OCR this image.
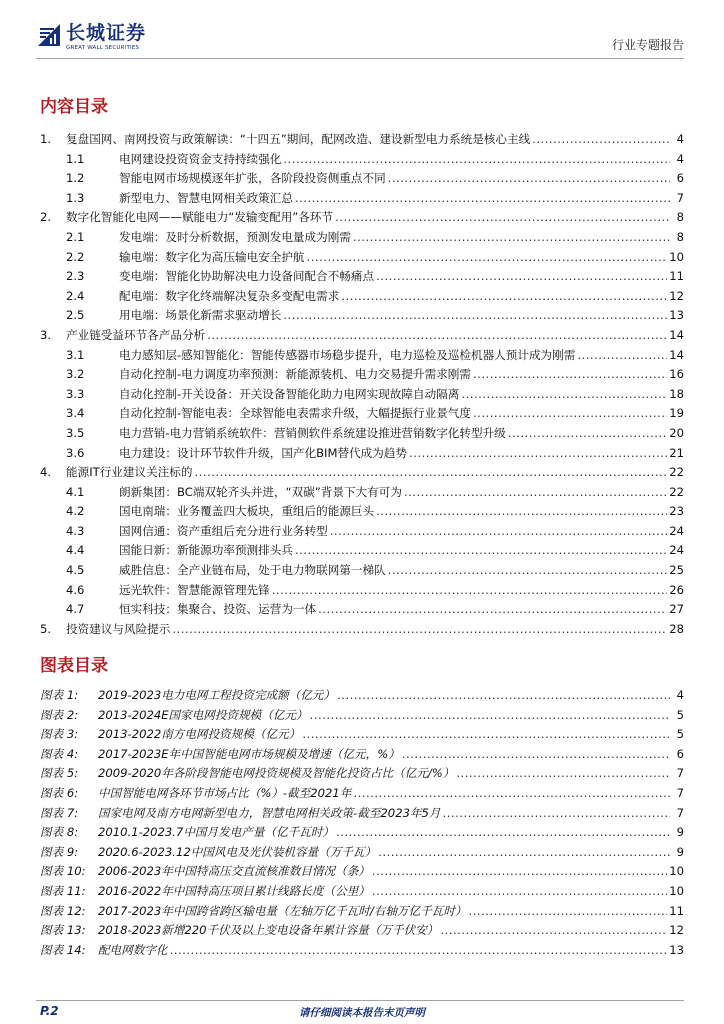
长城证券
GREAT WALL SECURITIES	行业专题报告
内容目录
1.	复盘国网、南网投资与政策解读：“十四五”期间，配网改造、建设新型电力系统是核心主线 .....	4
1.1	电网建设投资资金支持持续强化 .....	4
1.2	智能电网市场规模逐年扩张，各阶段投资侧重点不同 .....	6
1.3	新型电力、智慧电网相关政策汇总 .....	7
2.	数字化智能化电网——赋能电力“发输变配用”各环节 .....	8
2.1	发电端：及时分析数据，预测发电量成为刚需 .....	8
2.2	输电端：数字化为高压输电安全护航 .....	10
2.3	变电端：智能化协助解决电力设备间配合不畅痛点 .....	11
2.4	配电端：数字化终端解决复杂多变配电需求 .....	12
2.5	用电端：场景化新需求驱动增长 .....	13
3.	产业链受益环节各产品分析 .....	14
3.1	电力感知层-感知智能化：智能传感器市场稳步提升，电力巡检及巡检机器人预计成为刚需 .....	14
3.2	自动化控制-电力调度功率预测：新能源装机、电力交易提升需求刚需 .....	16
3.3	自动化控制-开关设备：开关设备智能化助力电网实现故障自动隔离 .....	18
3.4	自动化控制-智能电表：全球智能电表需求升级，大幅提振行业景气度 .....	19
3.5	电力营销-电力营销系统软件：营销侧软件系统建设推进营销数字化转型升级 .....	20
3.6	电力建设：设计环节软件升级，国产化BIM替代成为趋势 .....	21
4.	能源IT行业建议关注标的 .....	22
4.1	朗新集团：BC端双轮齐头并进，“双碳”背景下大有可为 .....	22
4.2	国电南瑞：业务覆盖四大板块，重组后的能源巨头 .....	23
4.3	国网信通：资产重组后充分进行业务转型 .....	24
4.4	国能日新：新能源功率预测排头兵 .....	24
4.5	威胜信息：全产业链布局，处于电力物联网第一梯队 .....	25
4.6	远光软件：智慧能源管理先锋 .....	26
4.7	恒实科技：集聚合、投资、运营为一体 .....	27
5.	投资建议与风险提示 .....	28
图表目录
图表 1:	2019-2023电力电网工程投资完成额（亿元） .....	4
图表 2:	2013-2024E国家电网投资规模（亿元） .....	5
图表 3:	2013-2022南方电网投资规模（亿元） .....	5
图表 4:	2017-2023E年中国智能电网市场规模及增速（亿元，%） .....	6
图表 5:	2009-2020年各阶段智能电网投资规模及智能化投资占比（亿元/%） .....	7
图表 6:	中国智能电网各环节市场占比（%）-截至2021年 .....	7
图表 7:	国家电网及南方电网新型电力，智慧电网相关政策-截至2023年5月 .....	7
图表 8:	2010.1-2023.7中国月发电产量（亿千瓦时） .....	9
图表 9:	2020.6-2023.12中国风电及光伏装机容量（万千瓦） .....	9
图表 10:	2006-2023年中国特高压交直流核准数目情况（条） .....	10
图表 11:	2016-2022年中国特高压项目累计线路长度（公里） .....	10
图表 12:	2017-2023年中国跨省跨区输电量（左轴万亿千瓦时/右轴万亿千瓦时） .....	11
图表 13:	2018-2023新增220千伏及以上变电设备年累计容量（万千伏安） .....	12
图表 14:	配电网数字化 .....	13
P.2	请仔细阅读本报告末页声明
